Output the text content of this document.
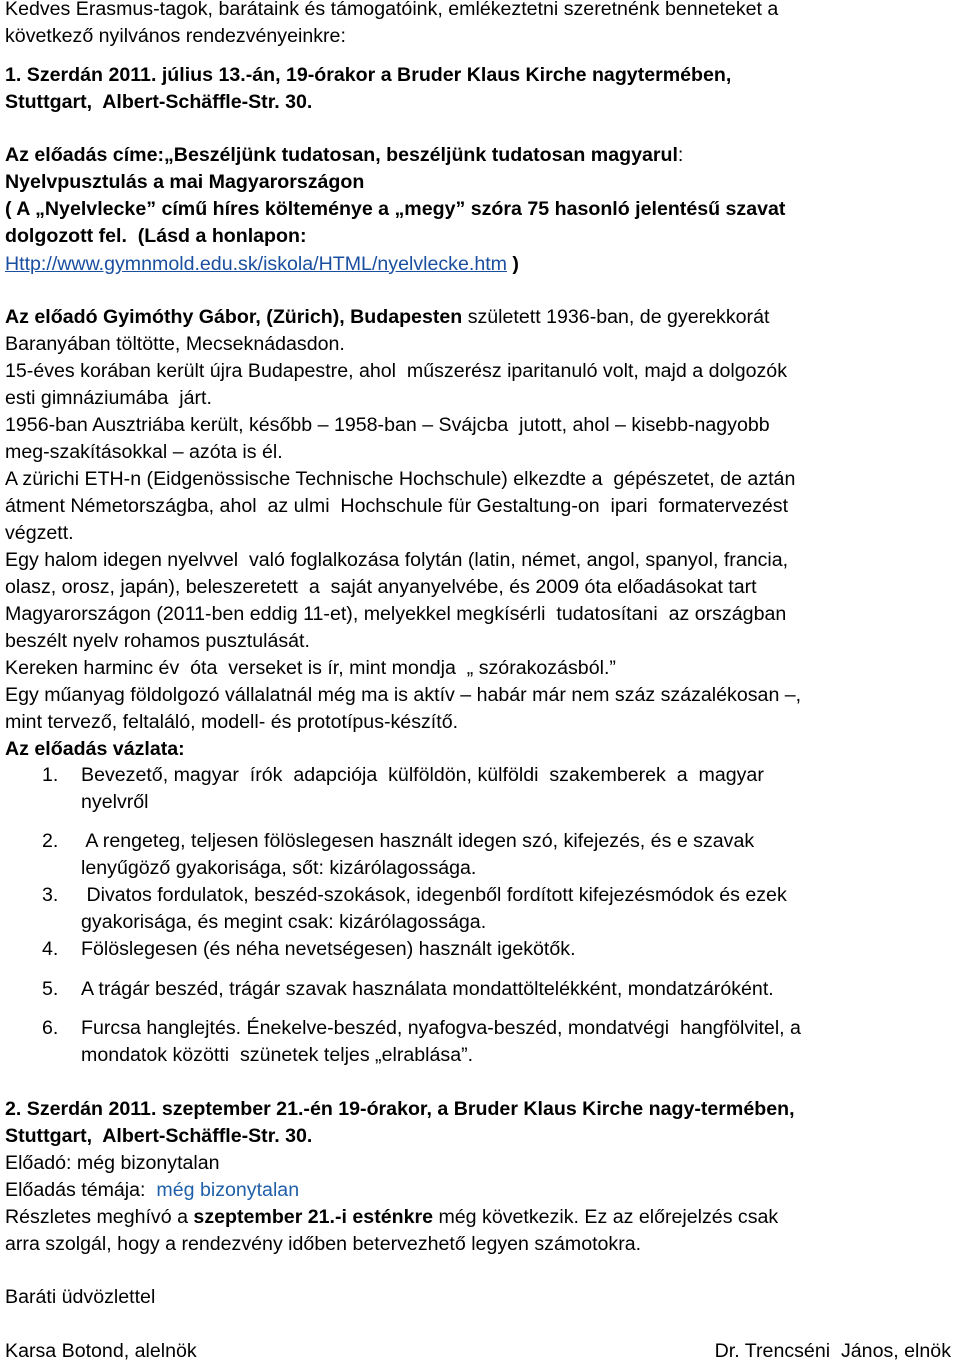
Kedves Erasmus-tagok, barátaink és támogatóink, emlékeztetni szeretnénk benneteket a
következő nyilvános rendezvényeinkre:
1. Szerdán 2011. július 13.-án, 19-órakor a Bruder Klaus Kirche nagytermében,
Stuttgart,  Albert-Schäffle-Str. 30.
Az előadás címe:„Beszéljünk tudatosan, beszéljünk tudatosan magyarul:
Nyelvpusztulás a mai Magyarországon
( A „Nyelvlecke” című híres költeménye a „megy” szóra 75 hasonló jelentésű szavat
dolgozott fel.  (Lásd a honlapon:
Http://www.gymnmold.edu.sk/iskola/HTML/nyelvlecke.htm )
Az előadó Gyimóthy Gábor, (Zürich), Budapesten született 1936-ban, de gyerekkorát
Baranyában töltötte, Mecseknádasdon.
15-éves korában került újra Budapestre, ahol  műszerész iparitanuló volt, majd a dolgozók
esti gimnáziumába  járt.
1956-ban Ausztriába került, később – 1958-ban – Svájcba  jutott, ahol – kisebb-nagyobb
meg-szakításokkal – azóta is él.
A zürichi ETH-n (Eidgenössische Technische Hochschule) elkezdte a  gépészetet, de aztán
átment Németországba, ahol  az ulmi  Hochschule für Gestaltung-on  ipari  formatervezést
végzett.
Egy halom idegen nyelvvel  való foglalkozása folytán (latin, német, angol, spanyol, francia,
olasz, orosz, japán), beleszeretett  a  saját anyanyelvébe, és 2009 óta előadásokat tart
Magyarországon (2011-ben eddig 11-et), melyekkel megkísérli  tudatosítani  az országban
beszélt nyelv rohamos pusztulását.
Kereken harminc év  óta  verseket is ír, mint mondja  „ szórakozásból.”
Egy műanyag földolgozó vállalatnál még ma is aktív – habár már nem száz százalékosan –,
mint tervező, feltaláló, modell- és prototípus-készítő.
Az előadás vázlata:
1. Bevezető, magyar  írók  adapciója  külföldön, külföldi  szakemberek  a  magyar
nyelvről
2. A rengeteg, teljesen fölöslegesen használt idegen szó, kifejezés, és e szavak
lenyűgöző gyakorisága, sőt: kizárólagossága.
3. Divatos fordulatok, beszéd-szokások, idegenből fordított kifejezésmódok és ezek
gyakorisága, és megint csak: kizárólagossága.
4. Fölöslegesen (és néha nevetségesen) használt igekötők.
5. A trágár beszéd, trágár szavak használata mondattöltelékként, mondatzáróként.
6. Furcsa hanglejtés. Énekelve-beszéd, nyafogva-beszéd, mondatvégi  hangfölvitel, a
mondatok közötti  szünetek teljes „elrablása”.
2. Szerdán 2011. szeptember 21.-én 19-órakor, a Bruder Klaus Kirche nagy-termében,
Stuttgart,  Albert-Schäffle-Str. 30.
Előadó: még bizonytalan
Előadás témája:  még bizonytalan
Részletes meghívó a szeptember 21.-i esténkre még következik. Ez az előrejelzés csak
arra szolgál, hogy a rendezvény időben betervezhető legyen számotokra.
Baráti üdvözlettel
Karsa Botond, alelnök	Dr. Trencséni  János, elnök
